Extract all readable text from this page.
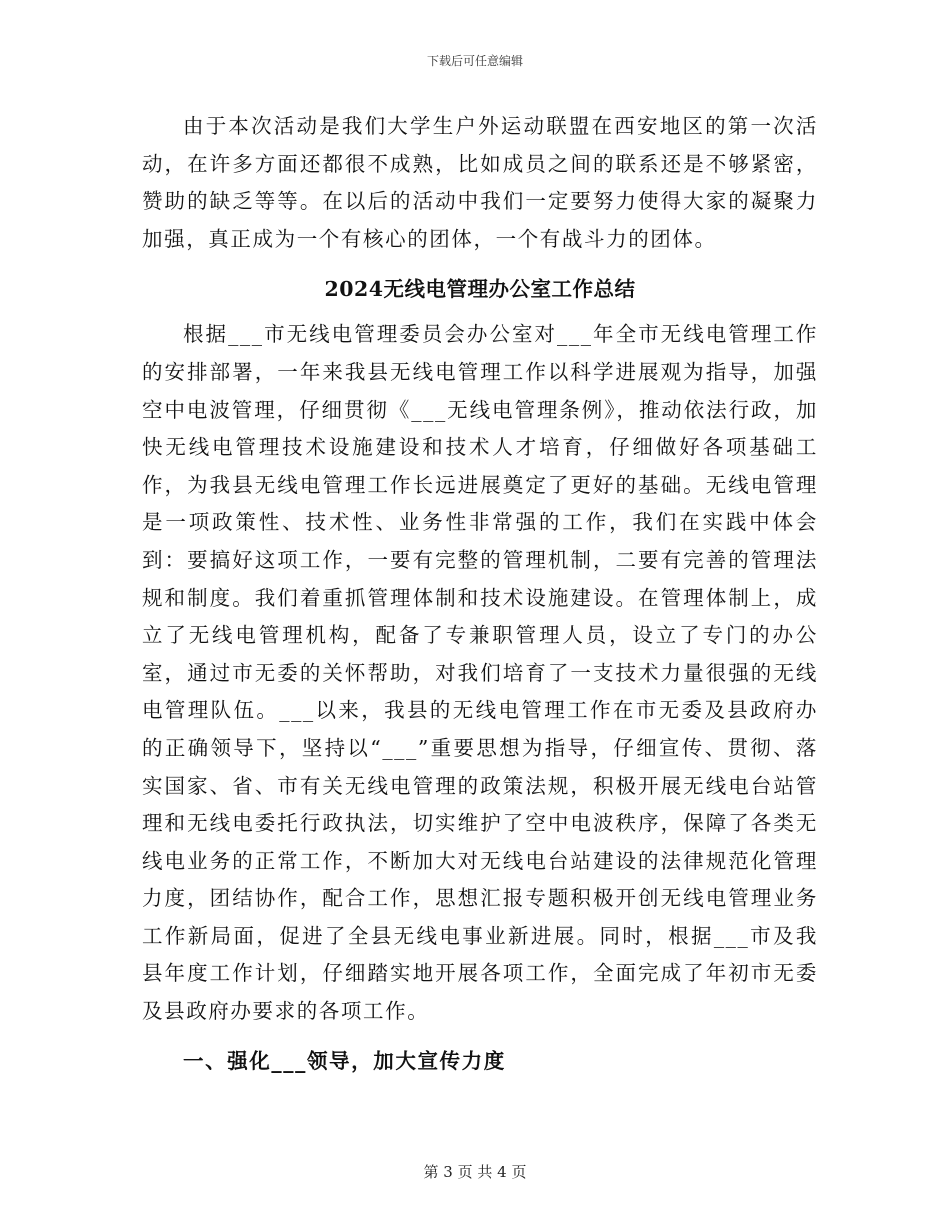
下载后可任意编辑

由于本次活动是我们大学生户外运动联盟在西安地区的第一次活动，在许多方面还都很不成熟，比如成员之间的联系还是不够紧密，赞助的缺乏等等。在以后的活动中我们一定要努力使得大家的凝聚力加强，真正成为一个有核心的团体，一个有战斗力的团体。

2024无线电管理办公室工作总结

根据___市无线电管理委员会办公室对___年全市无线电管理工作的安排部署，一年来我县无线电管理工作以科学进展观为指导，加强空中电波管理，仔细贯彻《___无线电管理条例》，推动依法行政，加快无线电管理技术设施建设和技术人才培育，仔细做好各项基础工作，为我县无线电管理工作长远进展奠定了更好的基础。无线电管理是一项政策性、技术性、业务性非常强的工作，我们在实践中体会到：要搞好这项工作，一要有完整的管理机制，二要有完善的管理法规和制度。我们着重抓管理体制和技术设施建设。在管理体制上，成立了无线电管理机构，配备了专兼职管理人员，设立了专门的办公室，通过市无委的关怀帮助，对我们培育了一支技术力量很强的无线电管理队伍。___以来，我县的无线电管理工作在市无委及县政府办的正确领导下，坚持以“___”重要思想为指导，仔细宣传、贯彻、落实国家、省、市有关无线电管理的政策法规，积极开展无线电台站管理和无线电委托行政执法，切实维护了空中电波秩序，保障了各类无线电业务的正常工作，不断加大对无线电台站建设的法律规范化管理力度，团结协作，配合工作，思想汇报专题积极开创无线电管理业务工作新局面，促进了全县无线电事业新进展。同时，根据___市及我县年度工作计划，仔细踏实地开展各项工作，全面完成了年初市无委及县政府办要求的各项工作。

一、强化___领导，加大宣传力度
第 3 页 共 4 页
